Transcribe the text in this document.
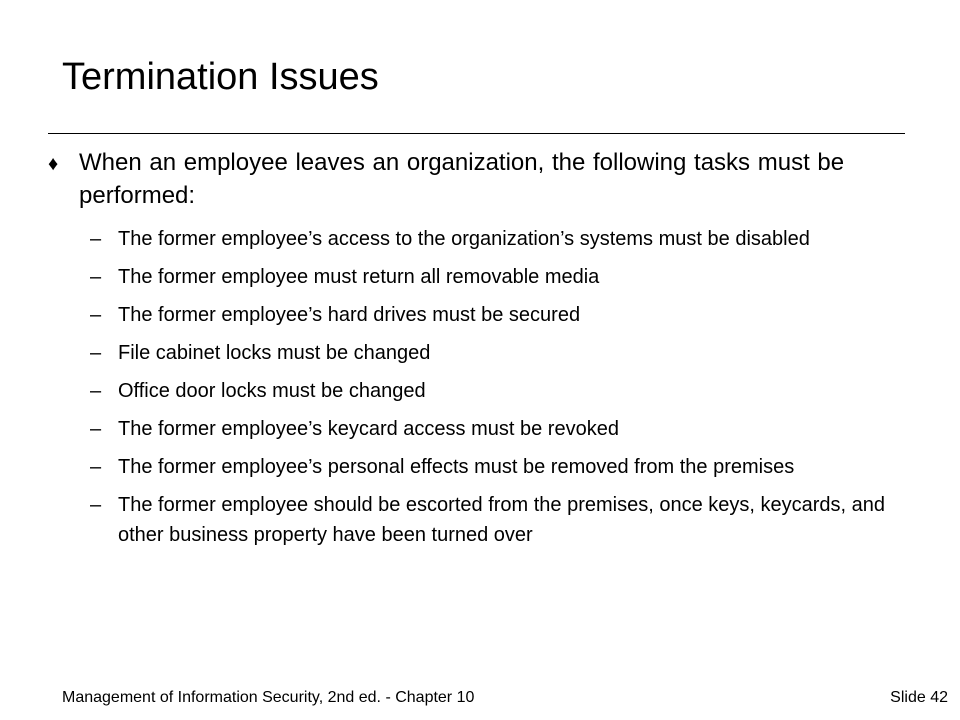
Termination Issues
♦ When an employee leaves an organization, the following tasks must be performed:
– The former employee’s access to the organization’s systems must be disabled
– The former employee must return all removable media
– The former employee’s hard drives must be secured
– File cabinet locks must be changed
– Office door locks must be changed
– The former employee’s keycard access must be revoked
– The former employee’s personal effects must be removed from the premises
– The former employee should be escorted from the premises, once keys, keycards, and other business property have been turned over
Management of Information Security, 2nd ed. - Chapter 10	Slide 42
